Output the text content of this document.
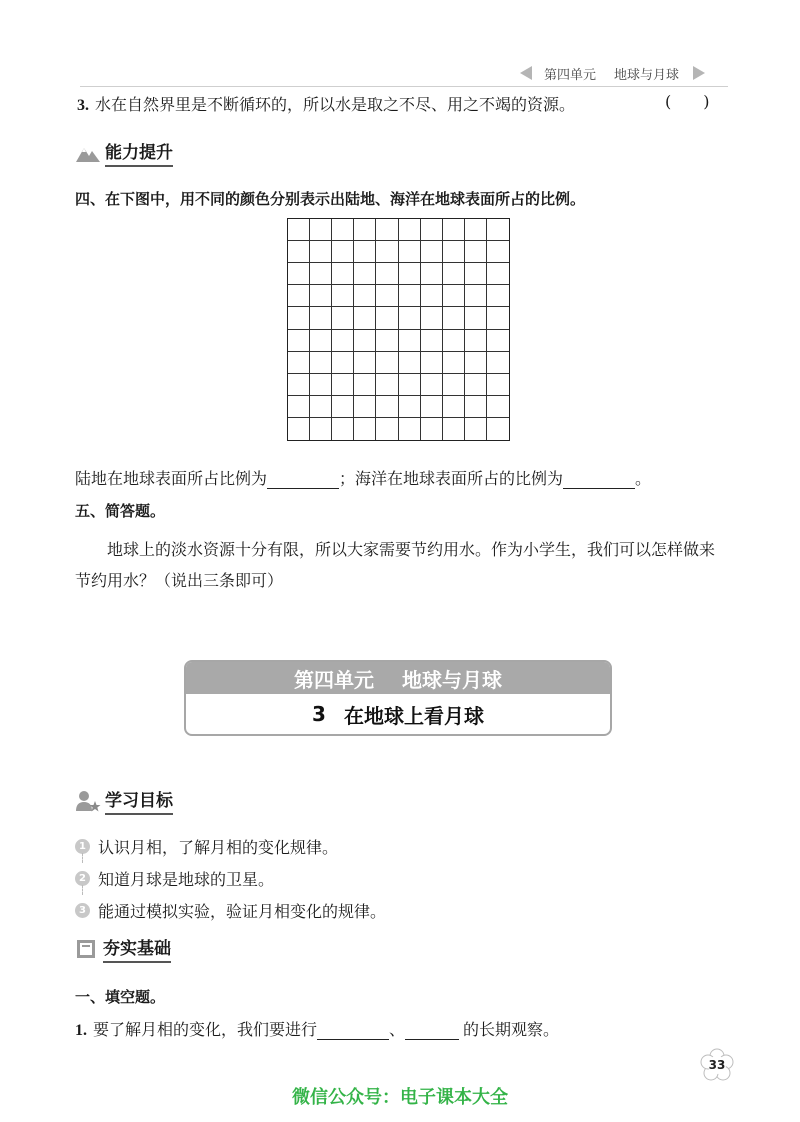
第四单元 地球与月球
3. 水在自然界里是不断循环的，所以水是取之不尽、用之不竭的资源。	( )
能力提升
四、在下图中，用不同的颜色分别表示出陆地、海洋在地球表面所占的比例。
陆地在地球表面所占比例为	；海洋在地球表面所占的比例为	。
五、简答题。
地球上的淡水资源十分有限，所以大家需要节约用水。作为小学生，我们可以怎样做来节约用水？（说出三条即可）
第四单元 地球与月球
3 在地球上看月球
学习目标
1 认识月相，了解月相的变化规律。
2 知道月球是地球的卫星。
3 能通过模拟实验，验证月相变化的规律。
夯实基础
一、填空题。
1. 要了解月相的变化，我们要进行	、	的长期观察。
33
微信公众号：电子课本大全
